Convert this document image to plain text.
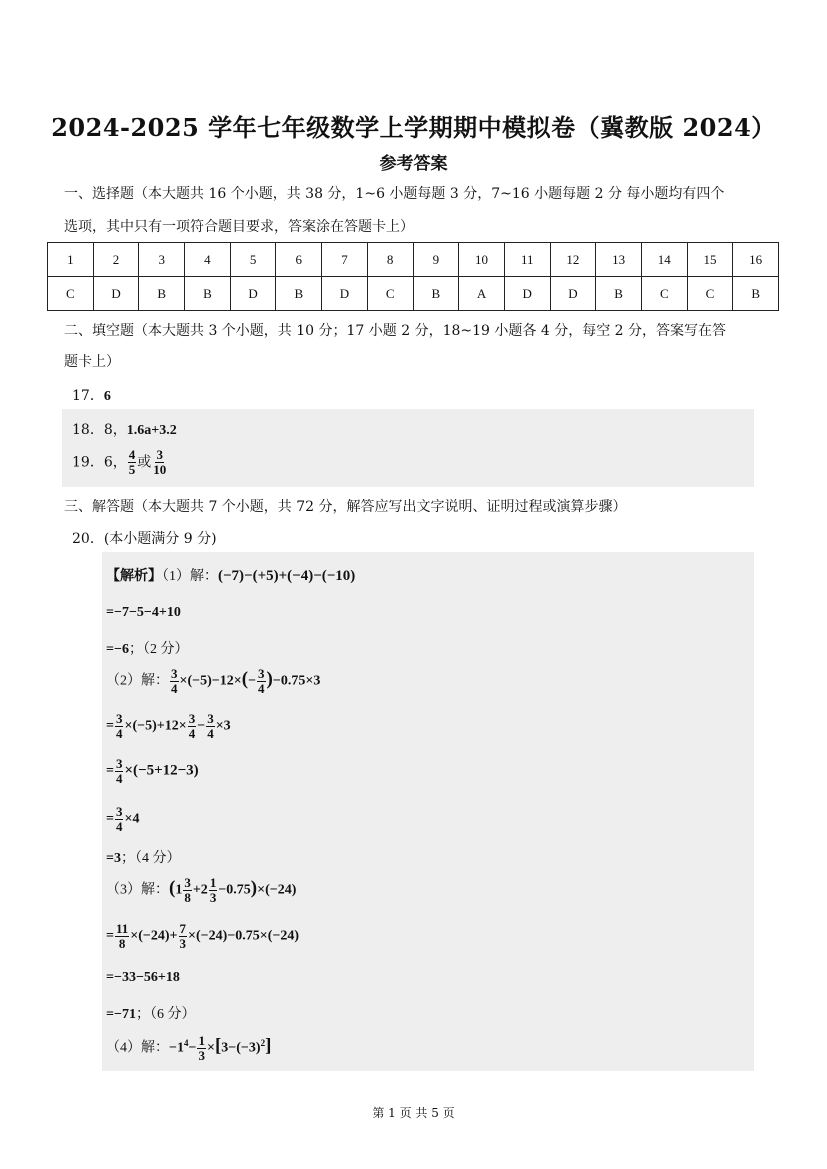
2024-2025 学年七年级数学上学期期中模拟卷（冀教版 2024）
参考答案
一、选择题（本大题共 16 个小题，共 38 分，1~6 小题每题 3 分，7~16 小题每题 2 分 每小题均有四个
选项，其中只有一项符合题目要求，答案涂在答题卡上）
1	2	3	4	5	6	7	8	9	10	11	12	13	14	15	16
C	D	B	B	D	B	D	C	B	A	D	D	B	C	C	B
二、填空题（本大题共 3 个小题，共 10 分；17 小题 2 分，18~19 小题各 4 分，每空 2 分，答案写在答
题卡上）
17．6
18．8，1.6a+3.2
19．6， $\frac{4}{5}$ 或 $\frac{3}{10}$
三、解答题（本大题共 7 个小题，共 72 分，解答应写出文字说明、证明过程或演算步骤）
20．(本小题满分 9 分)
【解析】（1）解：(−7)−(+5)+(−4)−(−10)
=−7−5−4+10
=−6；（2 分）
（2）解： $\frac{3}{4} \times(-5)-12\times(- \frac{3}{4} )-0.75\times 3$
= $\frac{3}{4} \times(-5)+12\times \frac{3}{4} - \frac{3}{4} \times 3$
= $\frac{3}{4} \times(-5+12-3)$
= $\frac{3}{4} \times 4$
=3；（4 分）
（3）解：$(1 \frac{3}{8} +2 \frac{1}{3} -0.75)\times(-24)$
= $\frac{11}{8} \times(-24)+ \frac{7}{3} \times(-24)-0.75\times(-24)$
=−33−56+18
=−71；（6 分）
（4）解：$-1^4- \frac{1}{3} \times[3-(-3)^2]$
第 1 页 共 5 页
